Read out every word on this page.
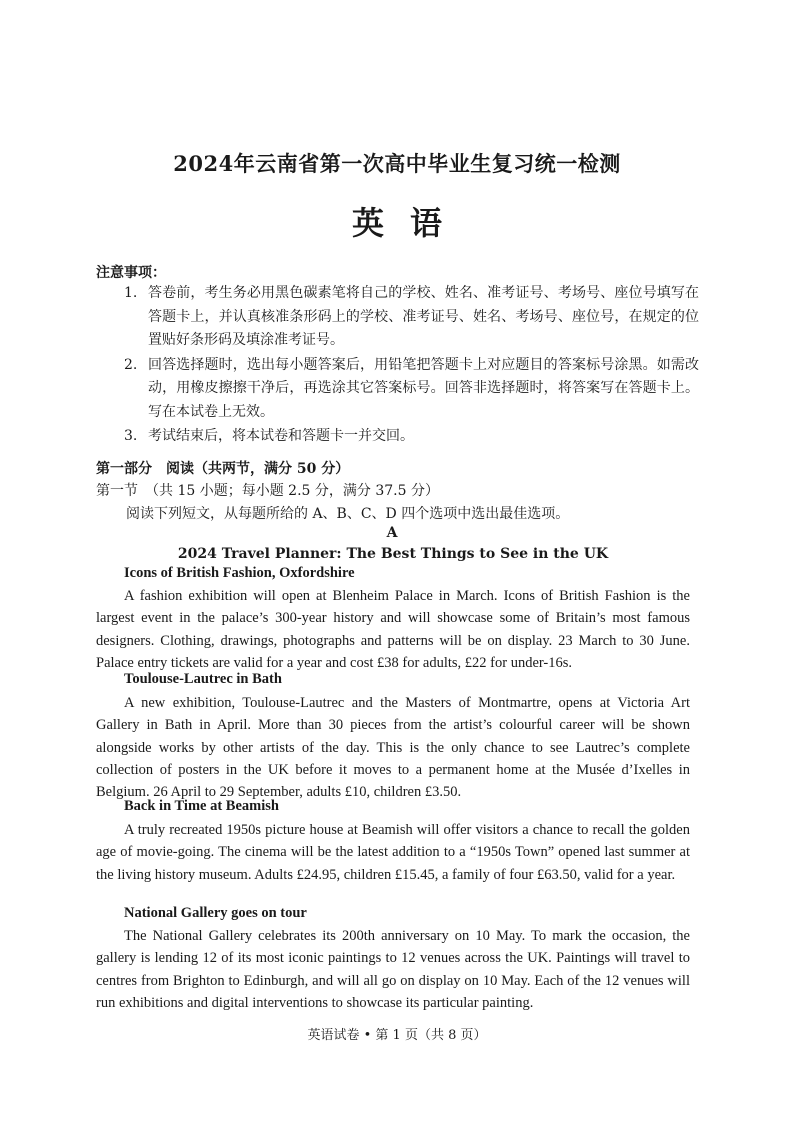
2024年云南省第一次高中毕业生复习统一检测
英语
注意事项：
1. 答卷前，考生务必用黑色碳素笔将自己的学校、姓名、准考证号、考场号、座位号填写在答题卡上，并认真核准条形码上的学校、准考证号、姓名、考场号、座位号，在规定的位置贴好条形码及填涂准考证号。
2. 回答选择题时，选出每小题答案后，用铅笔把答题卡上对应题目的答案标号涂黑。如需改动，用橡皮擦擦干净后，再选涂其它答案标号。回答非选择题时，将答案写在答题卡上。写在本试卷上无效。
3. 考试结束后，将本试卷和答题卡一并交回。
第一部分　阅读（共两节，满分 50 分）
第一节　（共 15 小题；每小题 2.5 分，满分 37.5 分）
阅读下列短文，从每题所给的 A、B、C、D 四个选项中选出最佳选项。
A
2024 Travel Planner: The Best Things to See in the UK
Icons of British Fashion, Oxfordshire

A fashion exhibition will open at Blenheim Palace in March. Icons of British Fashion is the largest event in the palace’s 300-year history and will showcase some of Britain’s most famous designers. Clothing, drawings, photographs and patterns will be on display. 23 March to 30 June. Palace entry tickets are valid for a year and cost £38 for adults, £22 for under-16s.

Toulouse-Lautrec in Bath

A new exhibition, Toulouse-Lautrec and the Masters of Montmartre, opens at Victoria Art Gallery in Bath in April. More than 30 pieces from the artist’s colourful career will be shown alongside works by other artists of the day. This is the only chance to see Lautrec’s complete collection of posters in the UK before it moves to a permanent home at the Musée d’Ixelles in Belgium. 26 April to 29 September, adults £10, children £3.50.

Back in Time at Beamish

A truly recreated 1950s picture house at Beamish will offer visitors a chance to recall the golden age of movie-going. The cinema will be the latest addition to a “1950s Town” opened last summer at the living history museum. Adults £24.95, children £15.45, a family of four £63.50, valid for a year.

National Gallery goes on tour

The National Gallery celebrates its 200th anniversary on 10 May. To mark the occasion, the gallery is lending 12 of its most iconic paintings to 12 venues across the UK. Paintings will travel to centres from Brighton to Edinburgh, and will all go on display on 10 May. Each of the 12 venues will run exhibitions and digital interventions to showcase its particular painting.

英语试卷 • 第 1 页（共 8 页）
